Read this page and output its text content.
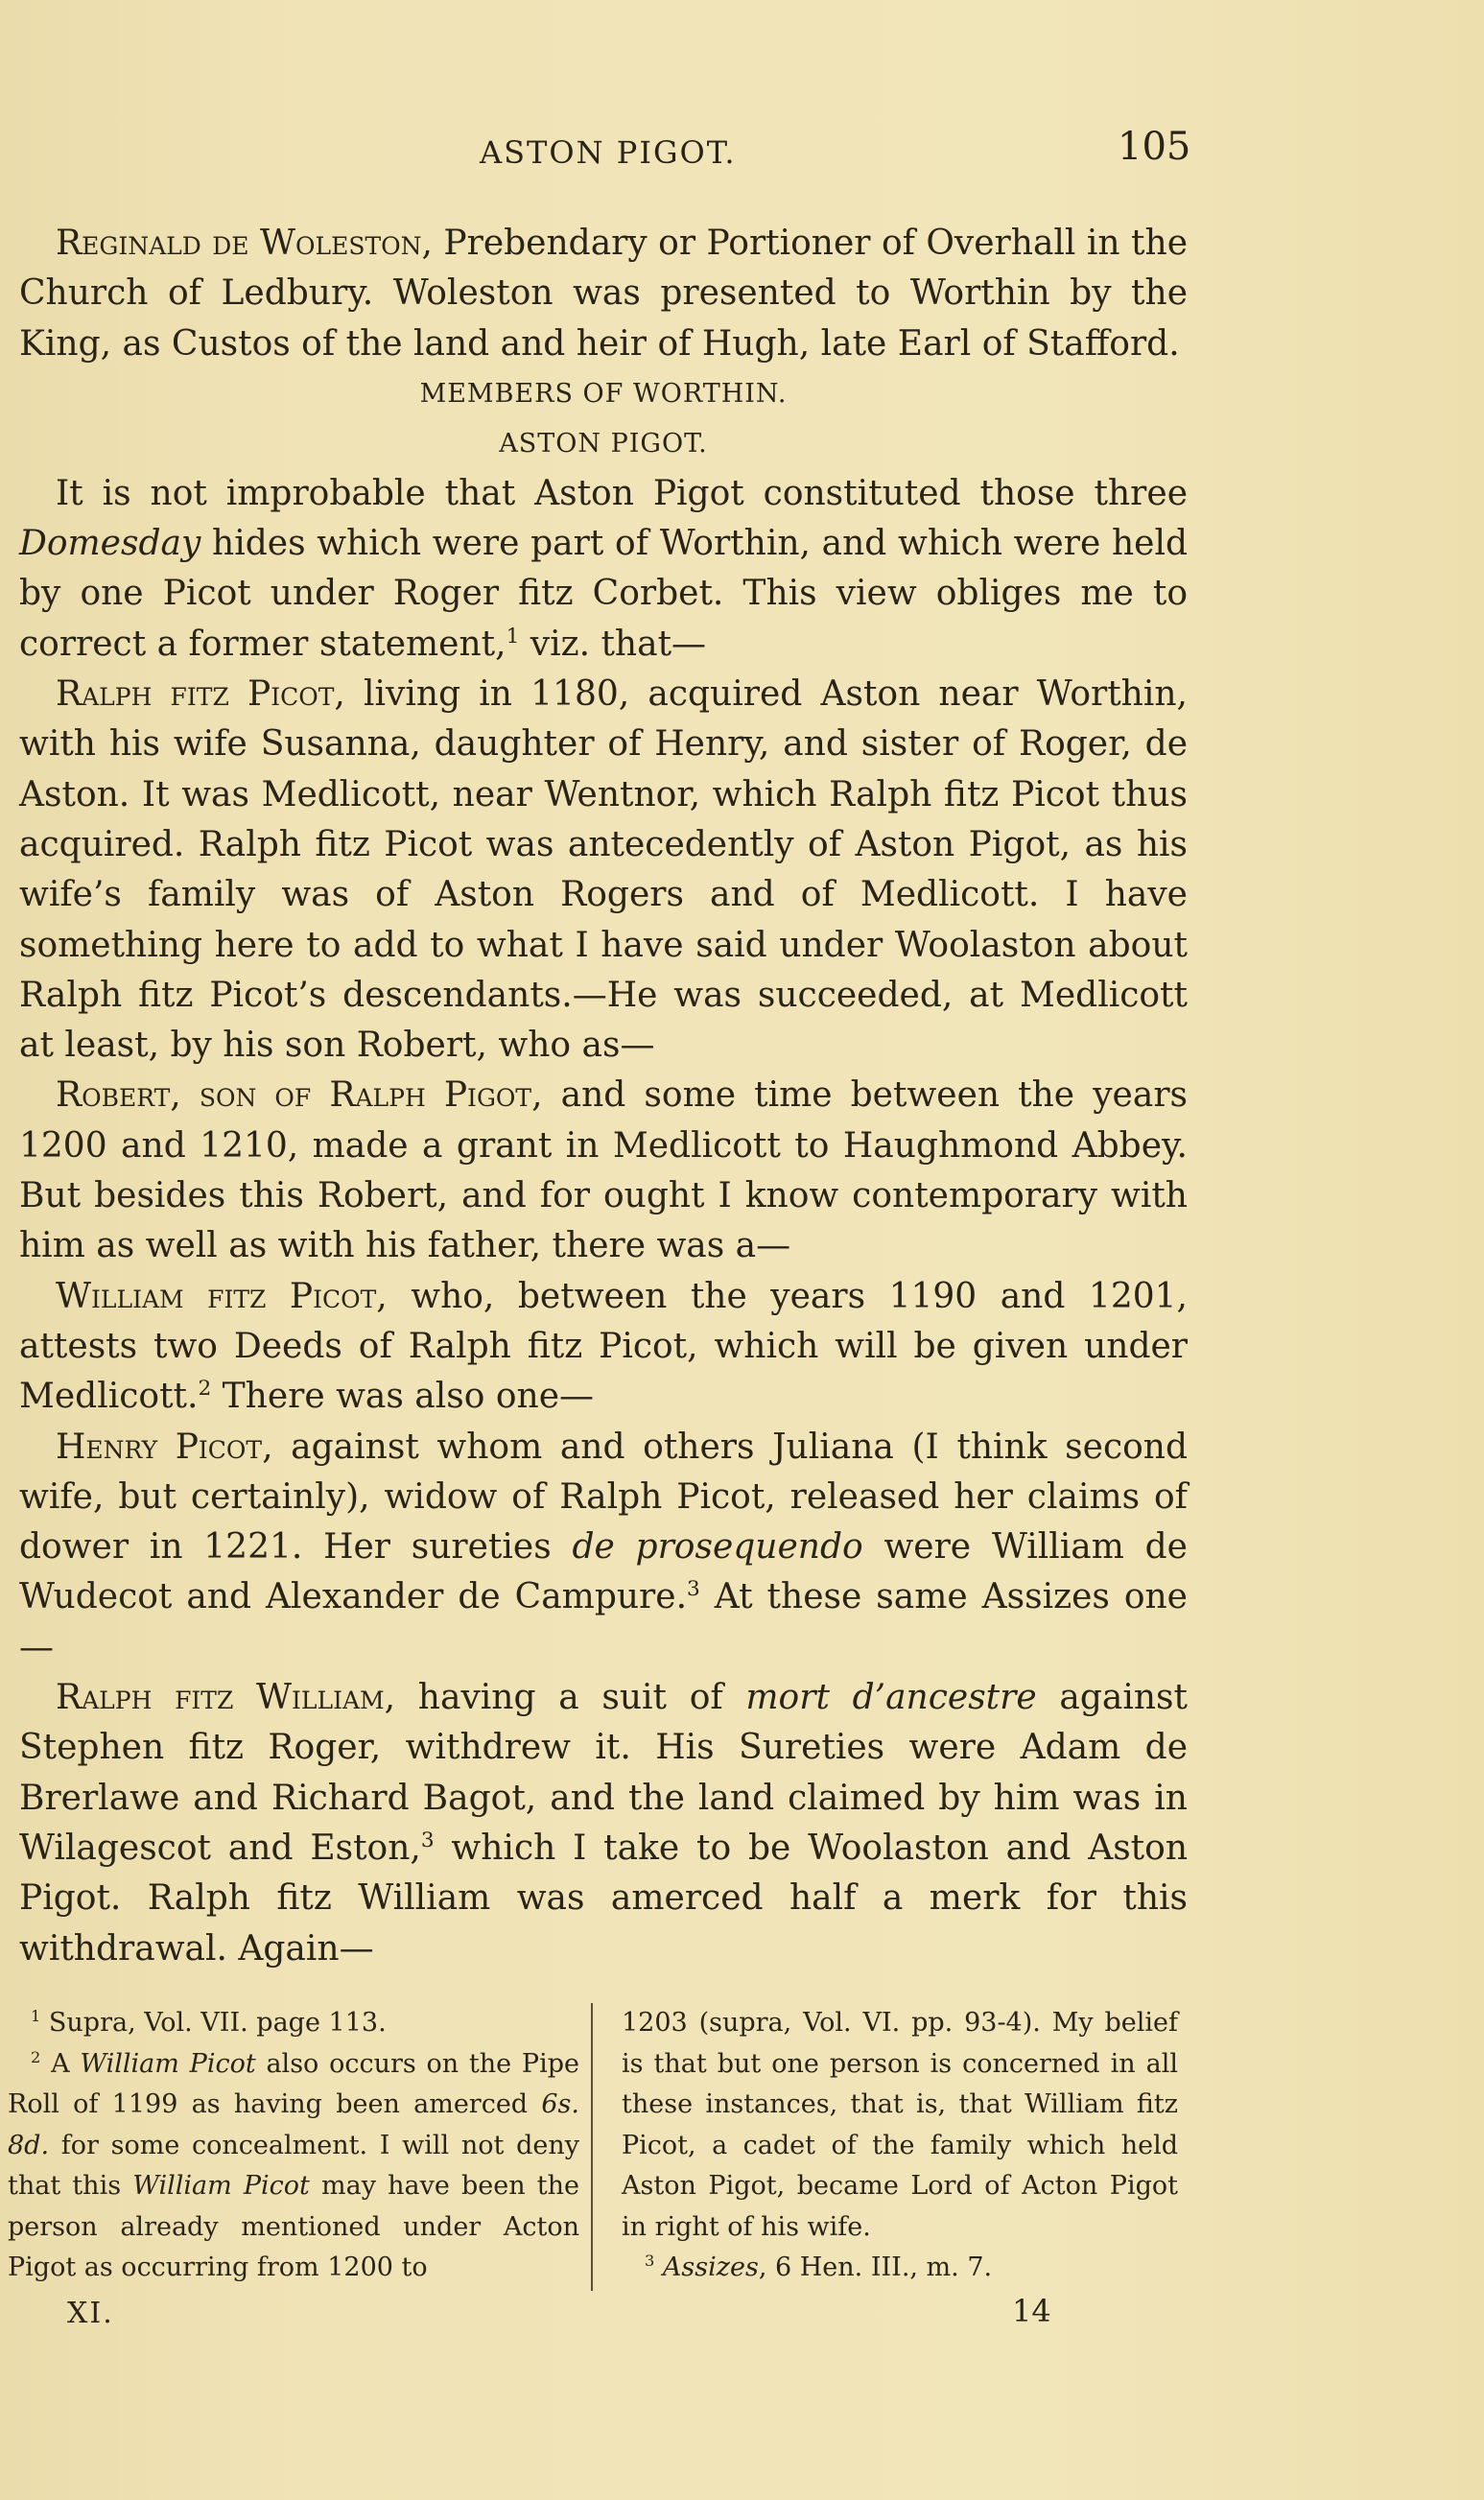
ASTON PIGOT.	105

Reginald de Woleston, Prebendary or Portioner of Overhall in the Church of Ledbury. Woleston was presented to Worthin by the King, as Custos of the land and heir of Hugh, late Earl of Stafford.

MEMBERS OF WORTHIN.

ASTON PIGOT.

It is not improbable that Aston Pigot constituted those three Domesday hides which were part of Worthin, and which were held by one Picot under Roger fitz Corbet. This view obliges me to correct a former statement,$^1$ viz. that—

Ralph fitz Picot, living in 1180, acquired Aston near Worthin, with his wife Susanna, daughter of Henry, and sister of Roger, de Aston. It was Medlicott, near Wentnor, which Ralph fitz Picot thus acquired. Ralph fitz Picot was antecedently of Aston Pigot, as his wife’s family was of Aston Rogers and of Medlicott. I have something here to add to what I have said under Woolaston about Ralph fitz Picot’s descendants.—He was succeeded, at Medlicott at least, by his son Robert, who as—

Robert, son of Ralph Pigot, and some time between the years 1200 and 1210, made a grant in Medlicott to Haughmond Abbey. But besides this Robert, and for ought I know contemporary with him as well as with his father, there was a—

William fitz Picot, who, between the years 1190 and 1201, attests two Deeds of Ralph fitz Picot, which will be given under Medlicott.$^2$ There was also one—

Henry Picot, against whom and others Juliana (I think second wife, but certainly), widow of Ralph Picot, released her claims of dower in 1221. Her sureties de prosequendo were William de Wudecot and Alexander de Campure.$^3$ At these same Assizes one—

Ralph fitz William, having a suit of mort d’ancestre against Stephen fitz Roger, withdrew it. His Sureties were Adam de Brerlawe and Richard Bagot, and the land claimed by him was in Wilagescot and Eston,$^3$ which I take to be Woolaston and Aston Pigot. Ralph fitz William was amerced half a merk for this withdrawal. Again—

$^1$ Supra, Vol. VII. page 113.

$^2$ A William Picot also occurs on the Pipe Roll of 1199 as having been amerced 6s. 8d. for some concealment. I will not deny that this William Picot may have been the person already mentioned under Acton Pigot as occurring from 1200 to

1203 (supra, Vol. VI. pp. 93-4). My belief is that but one person is concerned in all these instances, that is, that William fitz Picot, a cadet of the family which held Aston Pigot, became Lord of Acton Pigot in right of his wife.

$^3$ Assizes, 6 Hen. III., m. 7.

XI.	14
